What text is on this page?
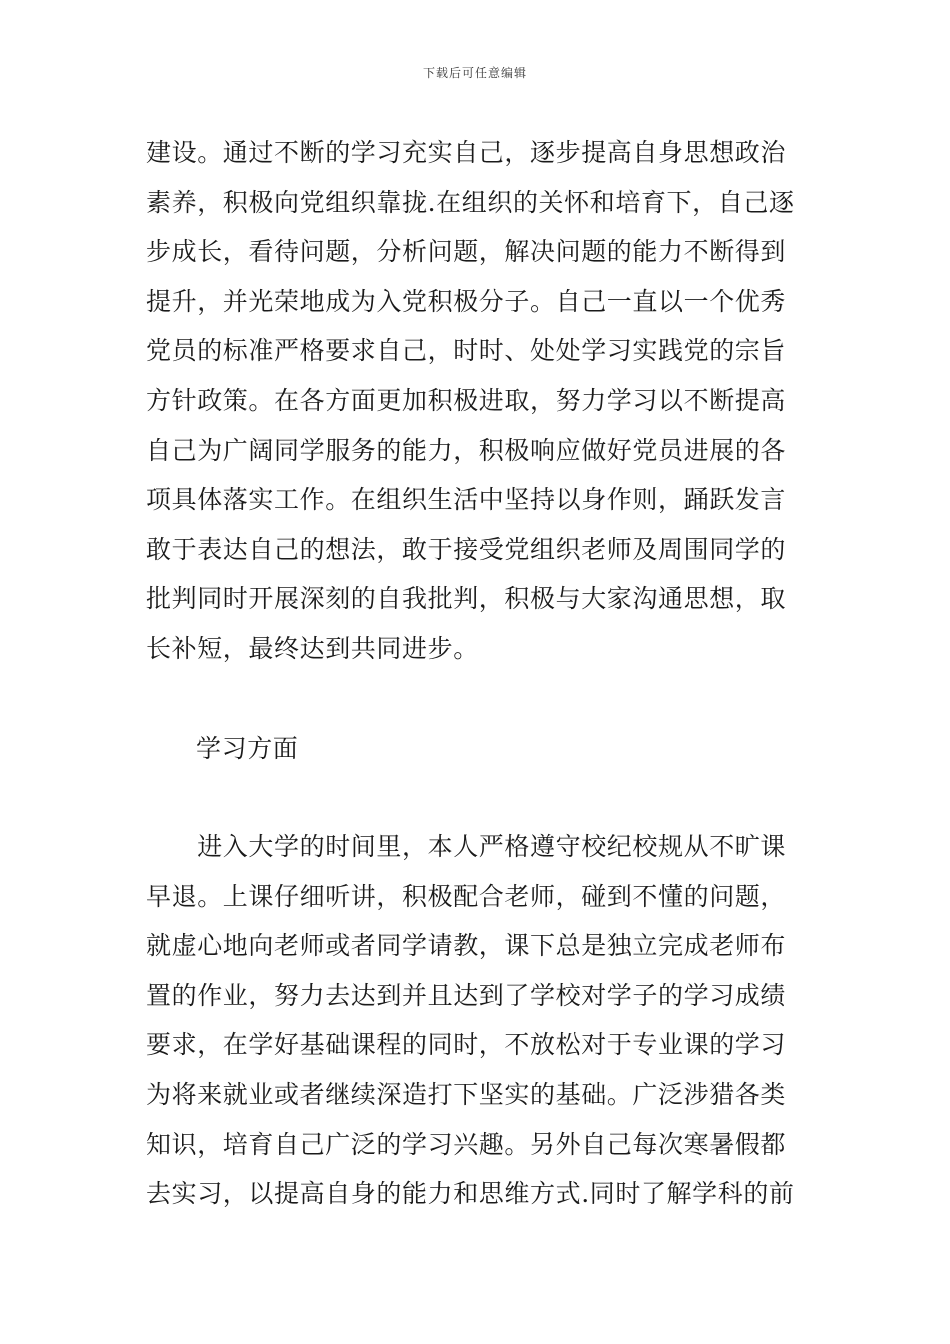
下载后可任意编辑

建设。通过不断的学习充实自己，逐步提高自身思想政治
素养，积极向党组织靠拢.在组织的关怀和培育下，自己逐
步成长，看待问题，分析问题，解决问题的能力不断得到
提升，并光荣地成为入党积极分子。自己一直以一个优秀
党员的标准严格要求自己，时时、处处学习实践党的宗旨
方针政策。在各方面更加积极进取，努力学习以不断提高
自己为广阔同学服务的能力，积极响应做好党员进展的各
项具体落实工作。在组织生活中坚持以身作则，踊跃发言
敢于表达自己的想法，敢于接受党组织老师及周围同学的
批判同时开展深刻的自我批判，积极与大家沟通思想，取
长补短，最终达到共同进步。

学习方面

　　进入大学的时间里，本人严格遵守校纪校规从不旷课
早退。上课仔细听讲，积极配合老师，碰到不懂的问题，
就虚心地向老师或者同学请教，课下总是独立完成老师布
置的作业，努力去达到并且达到了学校对学子的学习成绩
要求，在学好基础课程的同时，不放松对于专业课的学习
为将来就业或者继续深造打下坚实的基础。广泛涉猎各类
知识，培育自己广泛的学习兴趣。另外自己每次寒暑假都
去实习，以提高自身的能力和思维方式.同时了解学科的前
